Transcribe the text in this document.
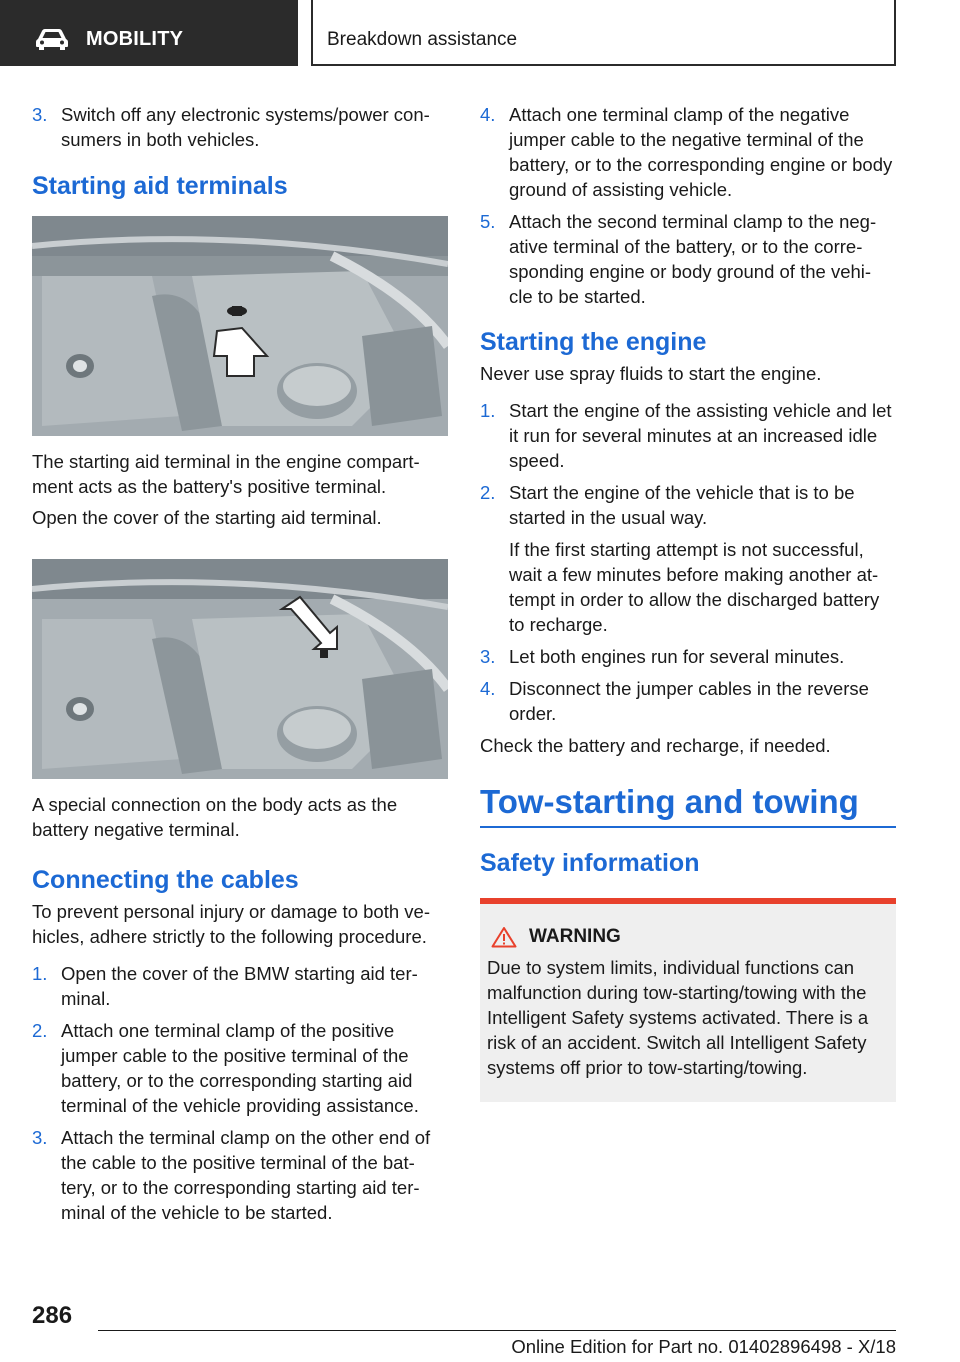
MOBILITY	Breakdown assistance
3. Switch off any electronic systems/power con‐ sumers in both vehicles.
Starting aid terminals

The starting aid terminal in the engine compart‐ ment acts as the battery's positive terminal.

Open the cover of the starting aid terminal.

A special connection on the body acts as the battery negative terminal.

Connecting the cables

To prevent personal injury or damage to both ve‐ hicles, adhere strictly to the following procedure.

1. Open the cover of the BMW starting aid ter‐ minal.
2. Attach one terminal clamp of the positive jumper cable to the positive terminal of the battery, or to the corresponding starting aid terminal of the vehicle providing assistance.
3. Attach the terminal clamp on the other end of the cable to the positive terminal of the bat‐ tery, or to the corresponding starting aid ter‐ minal of the vehicle to be started.
4. Attach one terminal clamp of the negative jumper cable to the negative terminal of the battery, or to the corresponding engine or body ground of assisting vehicle.
5. Attach the second terminal clamp to the neg‐ ative terminal of the battery, or to the corre‐ sponding engine or body ground of the vehi‐ cle to be started.
Starting the engine

Never use spray fluids to start the engine.

1. Start the engine of the assisting vehicle and let it run for several minutes at an increased idle speed.
2. Start the engine of the vehicle that is to be started in the usual way.

If the first starting attempt is not successful, wait a few minutes before making another at‐ tempt in order to allow the discharged battery to recharge.

3. Let both engines run for several minutes.
4. Disconnect the jumper cables in the reverse order.

Check the battery and recharge, if needed.

Tow-starting and towing
Safety information
WARNING

Due to system limits, individual functions can malfunction during tow-starting/towing with the Intelligent Safety systems activated. There is a risk of an accident. Switch all Intelligent Safety systems off prior to tow-starting/towing.

286
Online Edition for Part no. 01402896498 - X/18
